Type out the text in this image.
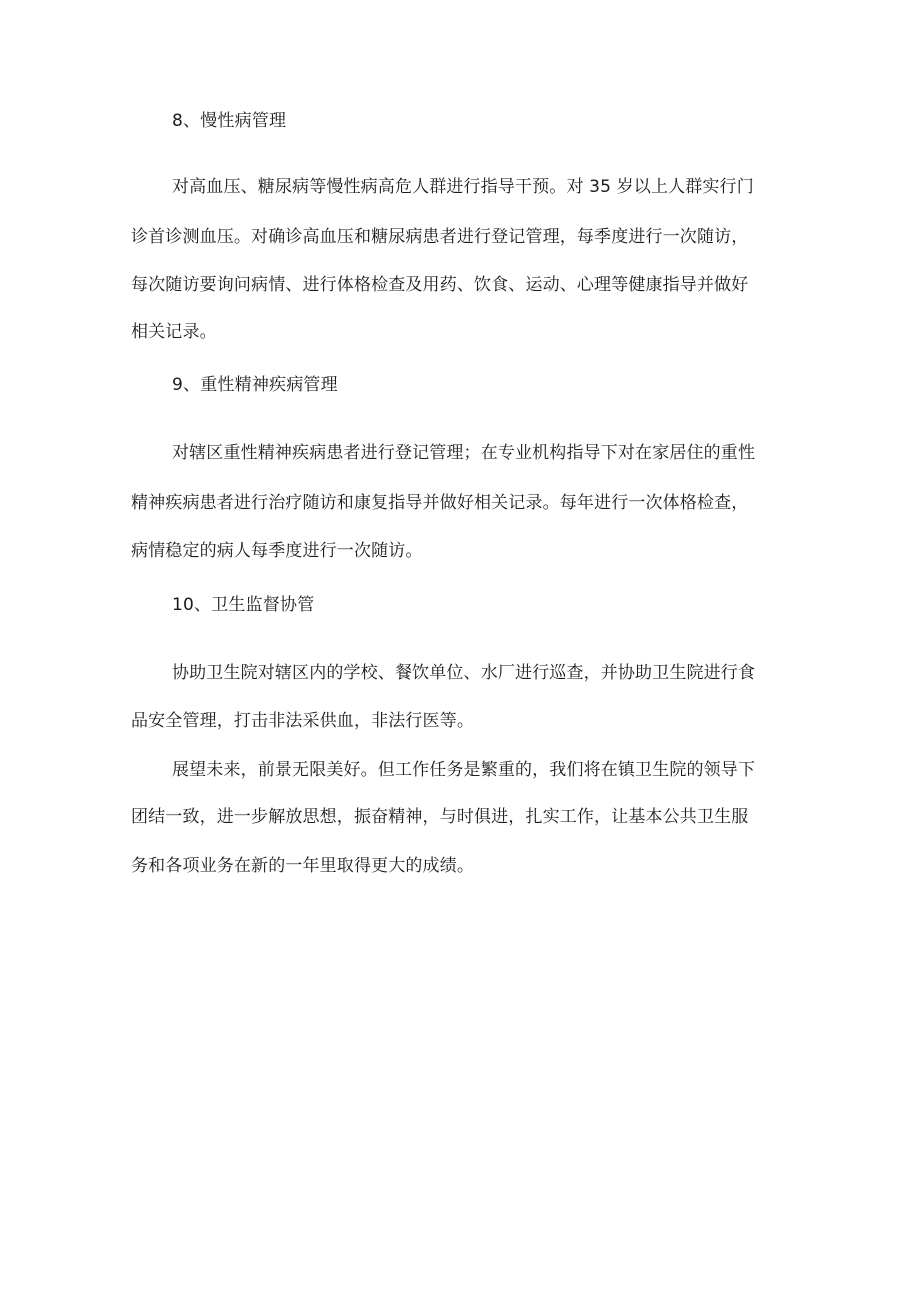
8、慢性病管理
对高血压、糖尿病等慢性病高危人群进行指导干预。对 35 岁以上人群实行门
诊首诊测血压。对确诊高血压和糖尿病患者进行登记管理，每季度进行一次随访，
每次随访要询问病情、进行体格检查及用药、饮食、运动、心理等健康指导并做好
相关记录。
9、重性精神疾病管理
对辖区重性精神疾病患者进行登记管理；在专业机构指导下对在家居住的重性
精神疾病患者进行治疗随访和康复指导并做好相关记录。每年进行一次体格检查，
病情稳定的病人每季度进行一次随访。
10、卫生监督协管
协助卫生院对辖区内的学校、餐饮单位、水厂进行巡查，并协助卫生院进行食
品安全管理，打击非法采供血，非法行医等。
展望未来，前景无限美好。但工作任务是繁重的，我们将在镇卫生院的领导下
团结一致，进一步解放思想，振奋精神，与时俱进，扎实工作，让基本公共卫生服
务和各项业务在新的一年里取得更大的成绩。
